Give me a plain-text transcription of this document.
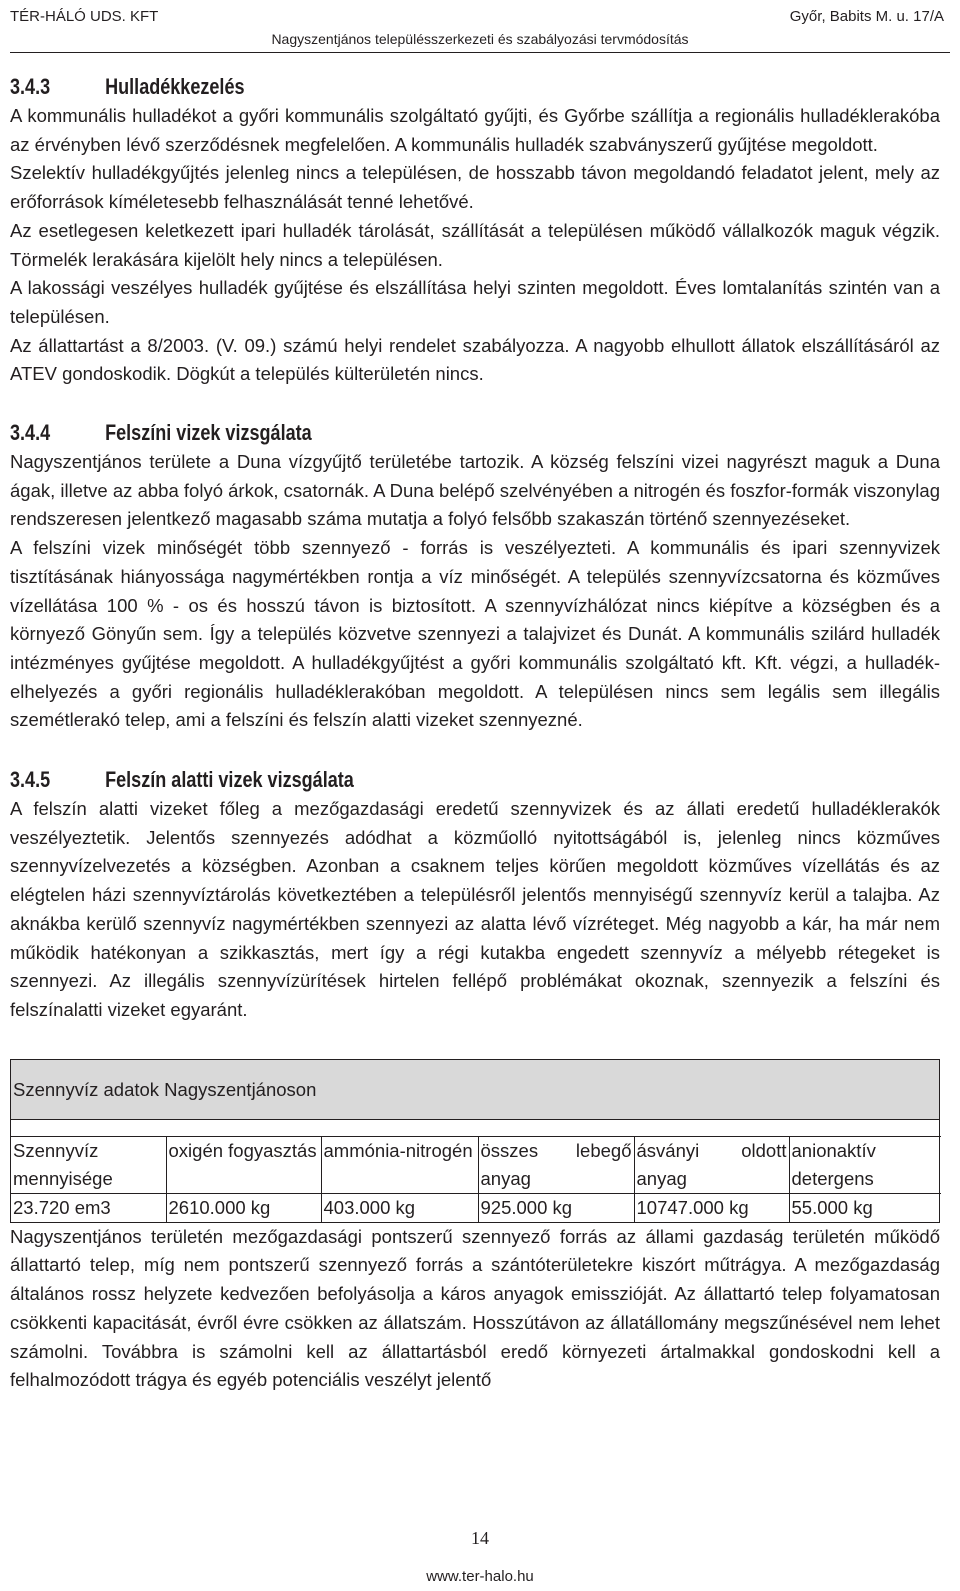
TÉR-HÁLÓ UDS. KFT	Győr, Babits M. u. 17/A
Nagyszentjános településszerkezeti és szabályozási tervmódosítás
3.4.3 Hulladékkezelés

A kommunális hulladékot a győri kommunális szolgáltató gyűjti, és Győrbe szállítja a regionális hulladéklerakóba az érvényben lévő szerződésnek megfelelően. A kommunális hulladék szabványszerű gyűjtése megoldott.

Szelektív hulladékgyűjtés jelenleg nincs a településen, de hosszabb távon megoldandó feladatot jelent, mely az erőforrások kíméletesebb felhasználását tenné lehetővé.

Az esetlegesen keletkezett ipari hulladék tárolását, szállítását a településen működő vállalkozók maguk végzik. Törmelék lerakására kijelölt hely nincs a településen.

A lakossági veszélyes hulladék gyűjtése és elszállítása helyi szinten megoldott. Éves lomtalanítás szintén van a településen.

Az állattartást a 8/2003. (V. 09.) számú helyi rendelet szabályozza. A nagyobb elhullott állatok elszállításáról az ATEV gondoskodik. Dögkút a település külterületén nincs.

3.4.4 Felszíni vizek vizsgálata

Nagyszentjános területe a Duna vízgyűjtő területébe tartozik. A község felszíni vizei nagyrészt maguk a Duna ágak, illetve az abba folyó árkok, csatornák. A Duna belépő szelvényében a nitrogén és foszfor-formák viszonylag rendszeresen jelentkező magasabb száma mutatja a folyó felsőbb szakaszán történő szennyezéseket.

A felszíni vizek minőségét több szennyező - forrás is veszélyezteti. A kommunális és ipari szennyvizek tisztításának hiányossága nagymértékben rontja a víz minőségét. A település szennyvízcsatorna és közműves vízellátása 100 % - os és hosszú távon is biztosított. A szennyvízhálózat nincs kiépítve a községben és a környező Gönyűn sem. Így a település közvetve szennyezi a talajvizet és Dunát. A kommunális szilárd hulladék intézményes gyűjtése megoldott. A hulladékgyűjtést a győri kommunális szolgáltató kft. Kft. végzi, a hulladék-elhelyezés a győri regionális hulladéklerakóban megoldott. A településen nincs sem legális sem illegális szemétlerakó telep, ami a felszíni és felszín alatti vizeket szennyezné.

3.4.5 Felszín alatti vizek vizsgálata

A felszín alatti vizeket főleg a mezőgazdasági eredetű szennyvizek és az állati eredetű hulladéklerakók veszélyeztetik. Jelentős szennyezés adódhat a közműolló nyitottságából is, jelenleg nincs közműves szennyvízelvezetés a községben. Azonban a csaknem teljes körűen megoldott közműves vízellátás és az elégtelen házi szennyvíztárolás következtében a településről jelentős mennyiségű szennyvíz kerül a talajba. Az aknákba kerülő szennyvíz nagymértékben szennyezi az alatta lévő vízréteget. Még nagyobb a kár, ha már nem működik hatékonyan a szikkasztás, mert így a régi kutakba engedett szennyvíz a mélyebb rétegeket is szennyezi. Az illegális szennyvízürítések hirtelen fellépő problémákat okoznak, szennyezik a felszíni és felszínalatti vizeket egyaránt.

Szennyvíz adatok Nagyszentjánoson
Szennyvíz mennyisége	oxigén fogyasztás	ammónia-nitrogén	összes lebegő anyag	ásványi oldott anyag	anionaktív detergens
23.720 em3	2610.000 kg	403.000 kg	925.000 kg	10747.000 kg	55.000 kg

Nagyszentjános területén mezőgazdasági pontszerű szennyező forrás az állami gazdaság területén működő állattartó telep, míg nem pontszerű szennyező forrás a szántóterületekre kiszórt műtrágya. A mezőgazdaság általános rossz helyzete kedvezően befolyásolja a káros anyagok emisszióját. Az állattartó telep folyamatosan csökkenti kapacitását, évről évre csökken az állatszám. Hosszútávon az állatállomány megszűnésével nem lehet számolni. Továbbra is számolni kell az állattartásból eredő környezeti ártalmakkal gondoskodni kell a felhalmozódott trágya és egyéb potenciális veszélyt jelentő

14
www.ter-halo.hu
